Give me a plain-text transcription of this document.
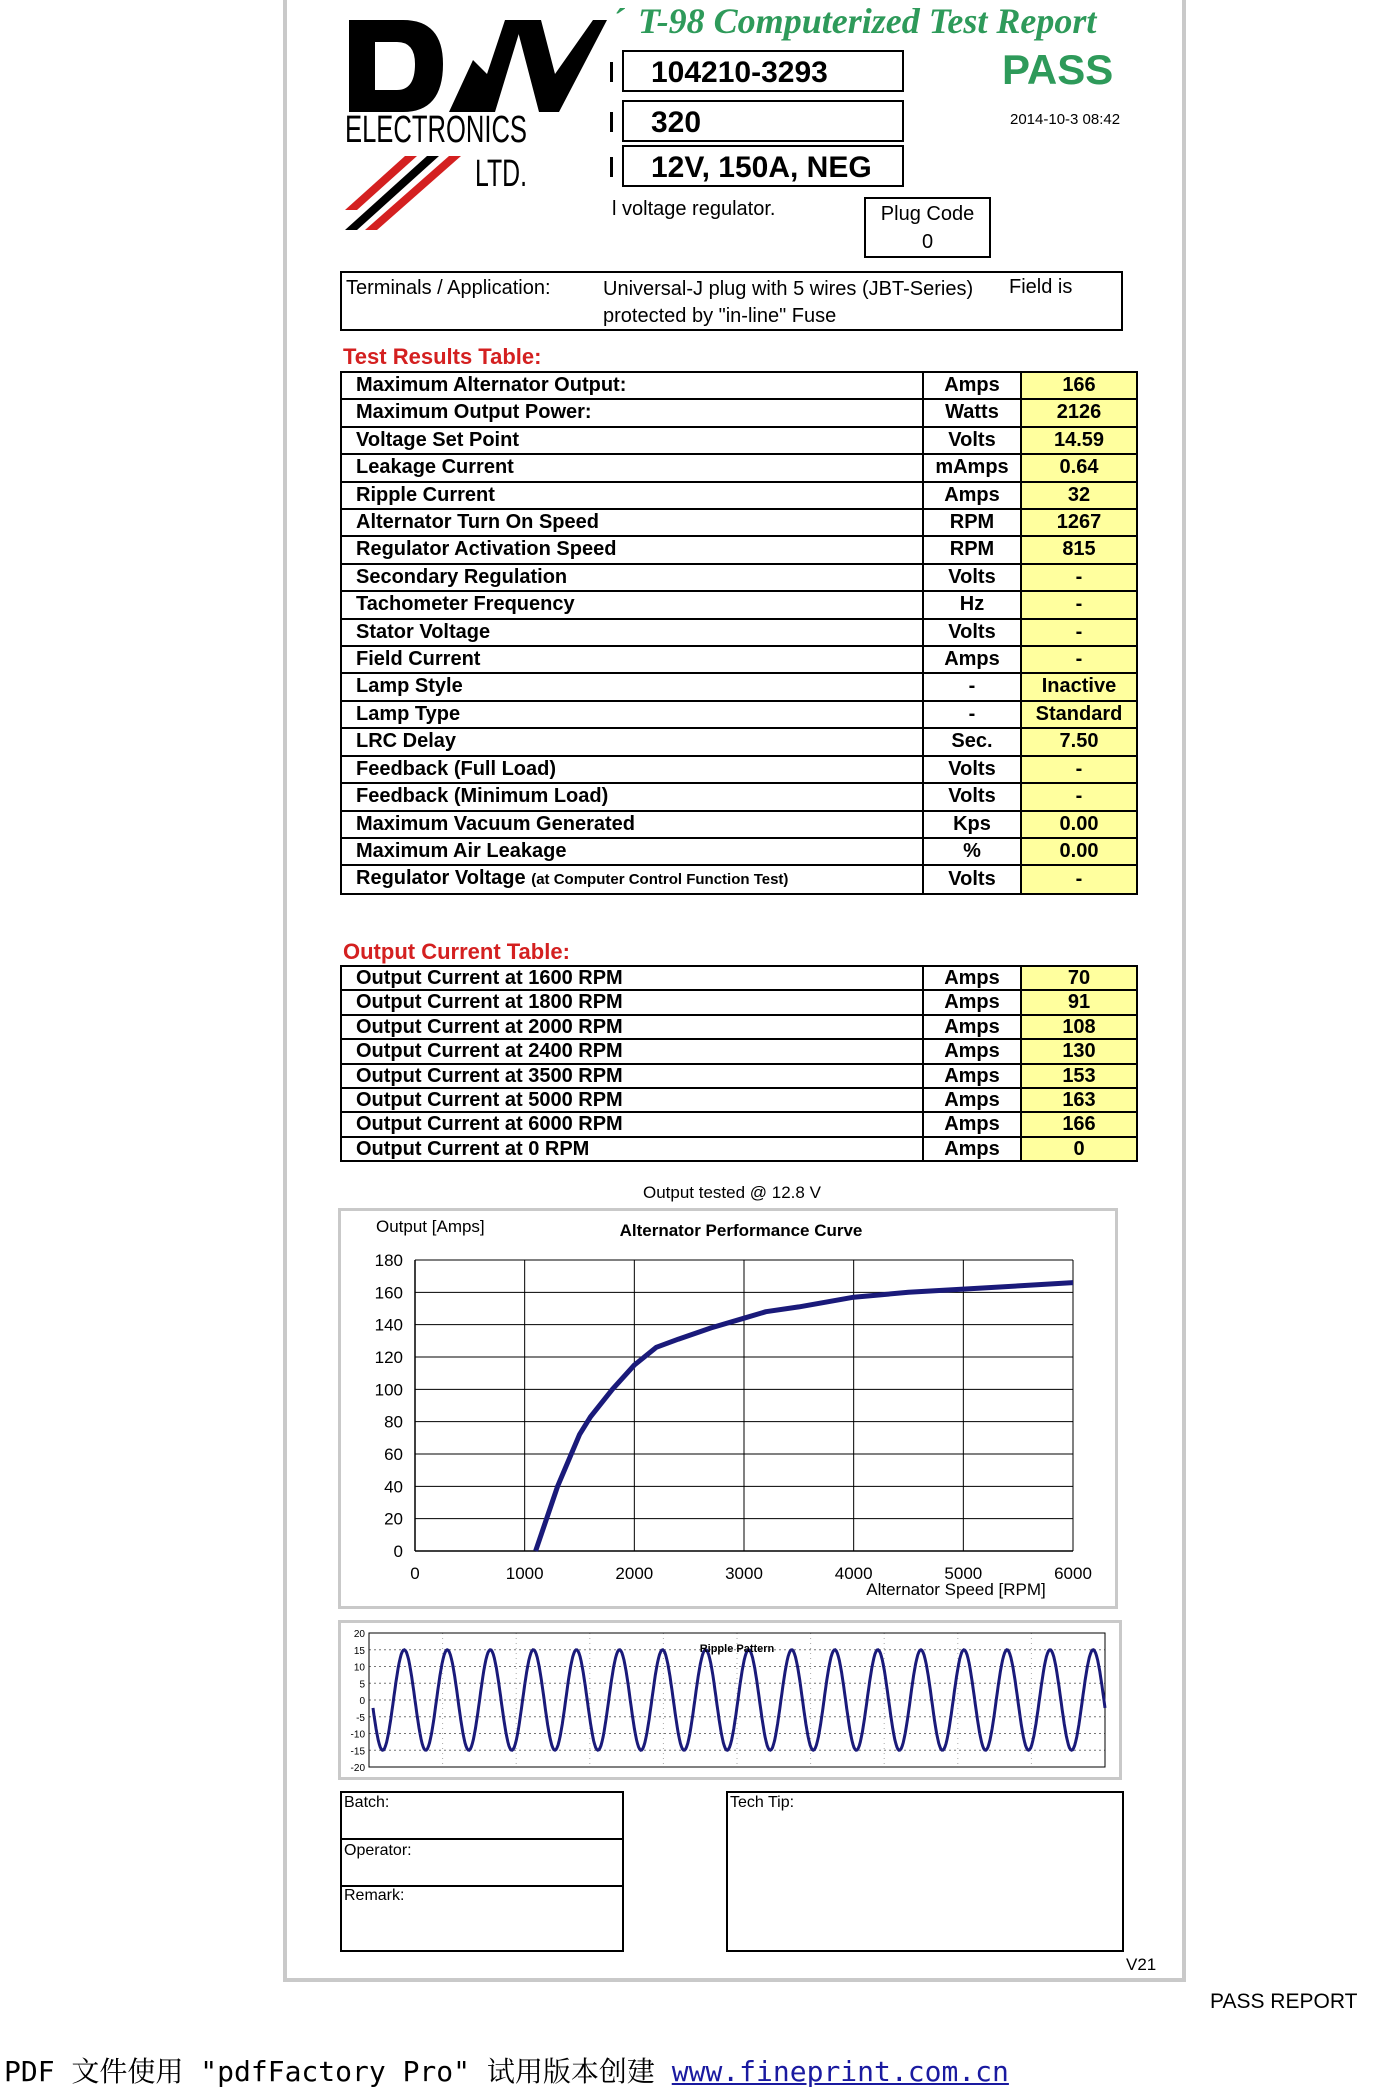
ELECTRONICS
LTD.
´T-98 Computerized Test Report
104210-3293
320
12V, 150A, NEG
PASS
2014-10-3 08:42
l voltage regulator.	Plug Code
0
Terminals / Application:	Universal-J plug with 5 wires (JBT-Series) protected by "in-line" Fuse
Field is
Test Results Table:
Maximum Alternator Output:	Amps	166
Maximum Output Power:	Watts	2126
Voltage Set Point	Volts	14.59
Leakage Current	mAmps	0.64
Ripple Current	Amps	32
Alternator Turn On Speed	RPM	1267
Regulator Activation Speed	RPM	815
Secondary Regulation	Volts	-
Tachometer Frequency	Hz	-
Stator Voltage	Volts	-
Field Current	Amps	-
Lamp Style	-	Inactive
Lamp Type	-	Standard
LRC Delay	Sec.	7.50
Feedback (Full Load)	Volts	-
Feedback (Minimum Load)	Volts	-
Maximum Vacuum Generated	Kps	0.00
Maximum Air Leakage	%	0.00
Regulator Voltage (at Computer Control Function Test)	Volts	-
Output Current Table:
Output Current at 1600 RPM	Amps	70
Output Current at 1800 RPM	Amps	91
Output Current at 2000 RPM	Amps	108
Output Current at 2400 RPM	Amps	130
Output Current at 3500 RPM	Amps	153
Output Current at 5000 RPM	Amps	163
Output Current at 6000 RPM	Amps	166
Output Current at 0 RPM	Amps	0
Output tested @ 12.8 V
0	1000	2000	3000	4000	5000	6000
0
20
40
60
80
100
120
140
160
180
Alternator Performance Curve
Output [Amps]
Alternator Speed [RPM]
20
15
10
5
0
-5
-10
-15
-20
Ripple Pattern
Batch:
Operator:
Remark:
Tech Tip:
V21
PASS REPORT
PDF 文件使用 "pdfFactory Pro" 试用版本创建 www.fineprint.com.cn
